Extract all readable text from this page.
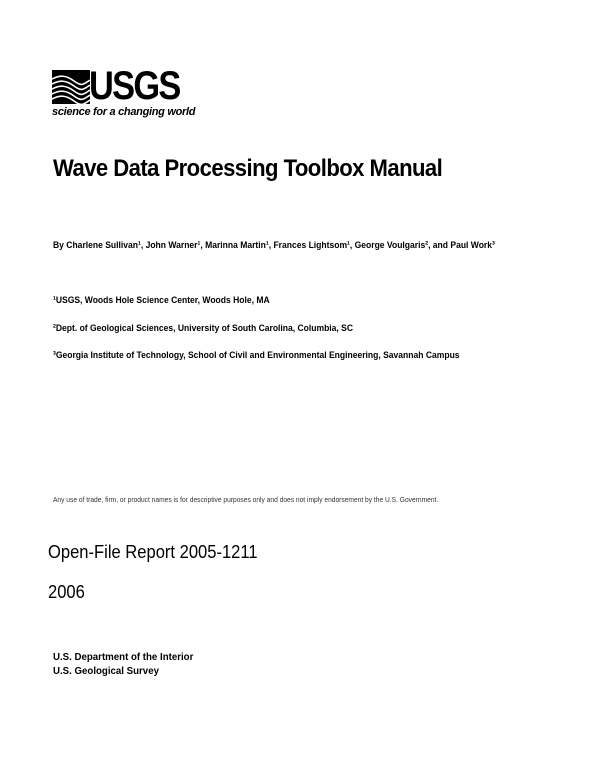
USGS
science for a changing world
Wave Data Processing Toolbox Manual
By Charlene Sullivan¹, John Warner¹, Marinna Martin¹, Frances Lightsom¹, George Voulgaris², and Paul Work³
¹USGS, Woods Hole Science Center, Woods Hole, MA
²Dept. of Geological Sciences, University of South Carolina, Columbia, SC
³Georgia Institute of Technology, School of Civil and Environmental Engineering, Savannah Campus
Any use of trade, firm, or product names is for descriptive purposes only and does not imply endorsement by the U.S. Government.
Open-File Report 2005-1211
2006
U.S. Department of the Interior
U.S. Geological Survey
